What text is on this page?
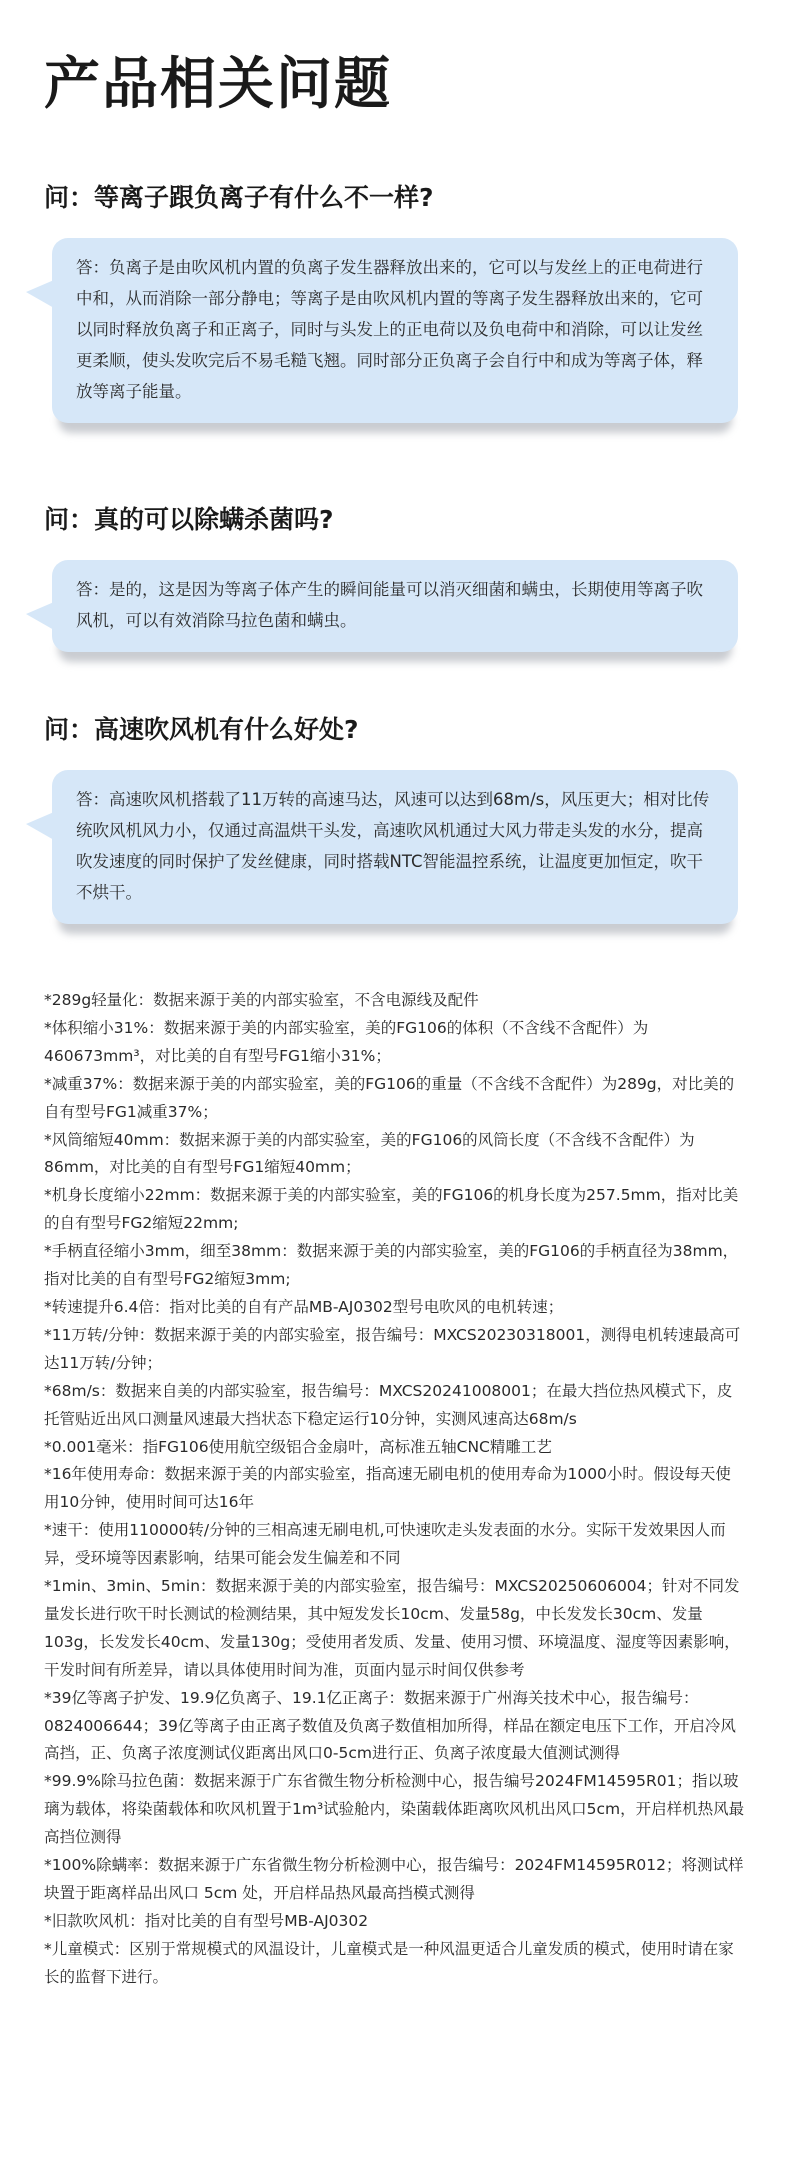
产品相关问题
问：等离子跟负离子有什么不一样?
答：负离子是由吹风机内置的负离子发生器释放出来的，它可以与发丝上的正电荷进行中和，从而消除一部分静电；等离子是由吹风机内置的等离子发生器释放出来的，它可以同时释放负离子和正离子，同时与头发上的正电荷以及负电荷中和消除，可以让发丝更柔顺，使头发吹完后不易毛糙飞翘。同时部分正负离子会自行中和成为等离子体，释放等离子能量。
问：真的可以除螨杀菌吗?
答：是的，这是因为等离子体产生的瞬间能量可以消灭细菌和螨虫，长期使用等离子吹风机，可以有效消除马拉色菌和螨虫。
问：高速吹风机有什么好处?
答：高速吹风机搭载了11万转的高速马达，风速可以达到68m/s，风压更大；相对比传统吹风机风力小，仅通过高温烘干头发，高速吹风机通过大风力带走头发的水分，提高吹发速度的同时保护了发丝健康，同时搭载NTC智能温控系统，让温度更加恒定，吹干不烘干。
*289g轻量化：数据来源于美的内部实验室，不含电源线及配件
*体积缩小31%：数据来源于美的内部实验室，美的FG106的体积（不含线不含配件）为460673mm³，对比美的自有型号FG1缩小31%；
*减重37%：数据来源于美的内部实验室，美的FG106的重量（不含线不含配件）为289g，对比美的自有型号FG1减重37%；
*风筒缩短40mm：数据来源于美的内部实验室，美的FG106的风筒长度（不含线不含配件）为86mm，对比美的自有型号FG1缩短40mm；
*机身长度缩小22mm：数据来源于美的内部实验室，美的FG106的机身长度为257.5mm，指对比美的自有型号FG2缩短22mm;
*手柄直径缩小3mm，细至38mm：数据来源于美的内部实验室，美的FG106的手柄直径为38mm，指对比美的自有型号FG2缩短3mm;
*转速提升6.4倍：指对比美的自有产品MB-AJ0302型号电吹风的电机转速；
*11万转/分钟：数据来源于美的内部实验室，报告编号：MXCS20230318001，测得电机转速最高可达11万转/分钟；
*68m/s：数据来自美的内部实验室，报告编号：MXCS20241008001；在最大挡位热风模式下，皮托管贴近出风口测量风速最大挡状态下稳定运行10分钟，实测风速高达68m/s
*0.001毫米：指FG106使用航空级铝合金扇叶，高标准五轴CNC精雕工艺
*16年使用寿命：数据来源于美的内部实验室，指高速无刷电机的使用寿命为1000小时。假设每天使用10分钟，使用时间可达16年
*速干：使用110000转/分钟的三相高速无刷电机,可快速吹走头发表面的水分。实际干发效果因人而异，受环境等因素影响，结果可能会发生偏差和不同
*1min、3min、5min：数据来源于美的内部实验室，报告编号：MXCS20250606004；针对不同发量发长进行吹干时长测试的检测结果，其中短发发长10cm、发量58g，中长发发长30cm、发量103g，长发发长40cm、发量130g；受使用者发质、发量、使用习惯、环境温度、湿度等因素影响，干发时间有所差异，请以具体使用时间为准，页面内显示时间仅供参考
*39亿等离子护发、19.9亿负离子、19.1亿正离子：数据来源于广州海关技术中心，报告编号：0824006644；39亿等离子由正离子数值及负离子数值相加所得，样品在额定电压下工作，开启冷风高挡，正、负离子浓度测试仪距离出风口0-5cm进行正、负离子浓度最大值测试测得
*99.9%除马拉色菌：数据来源于广东省微生物分析检测中心，报告编号2024FM14595R01；指以玻璃为载体，将染菌载体和吹风机置于1m³试验舱内，染菌载体距离吹风机出风口5cm，开启样机热风最高挡位测得
*100%除螨率：数据来源于广东省微生物分析检测中心，报告编号：2024FM14595R012；将测试样块置于距离样品出风口 5cm 处，开启样品热风最高挡模式测得
*旧款吹风机：指对比美的自有型号MB-AJ0302
*儿童模式：区别于常规模式的风温设计，儿童模式是一种风温更适合儿童发质的模式，使用时请在家长的监督下进行。
